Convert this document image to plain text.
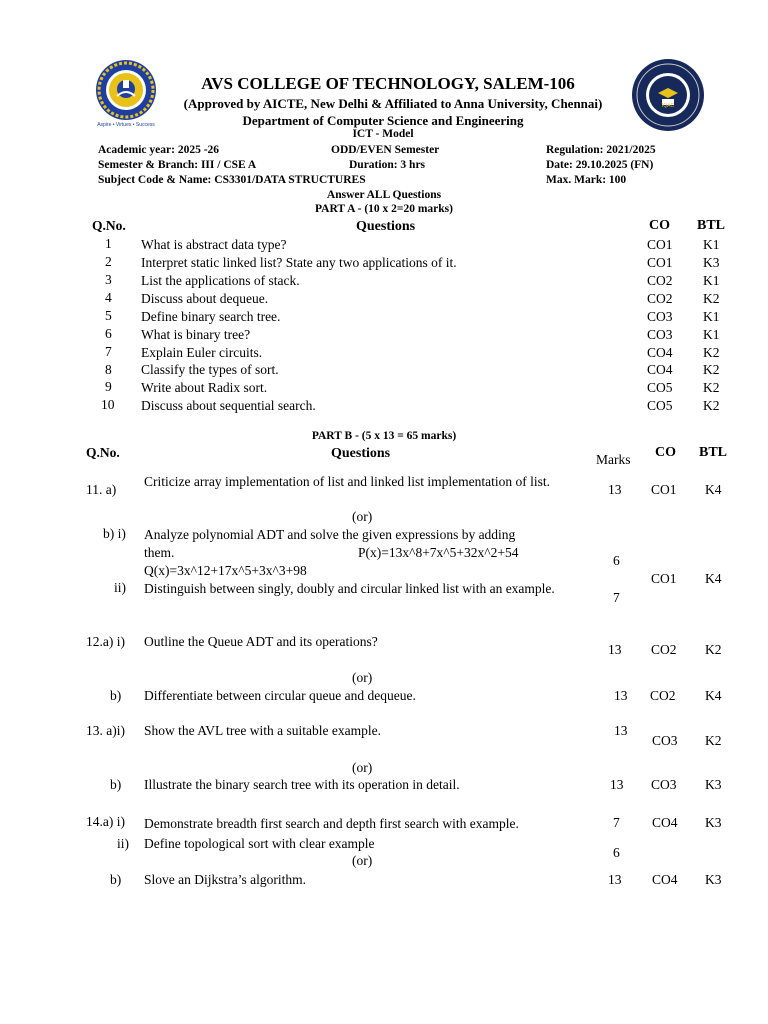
Aspire • Virtues • Success
IQAC
AVS COLLEGE OF TECHNOLOGY, SALEM-106
(Approved by AICTE, New Delhi & Affiliated to Anna University, Chennai)
Department of Computer Science and Engineering
ICT - Model
Academic year: 2025 -26	ODD/EVEN Semester	Regulation: 2021/2025
Semester & Branch: III / CSE A	Duration: 3 hrs	Date: 29.10.2025 (FN)
Subject Code & Name: CS3301/DATA STRUCTURES	Max. Mark: 100
Answer ALL Questions
PART A - (10 x 2=20 marks)
Q.No.	Questions	CO BTL
1 What is abstract data type?	CO1 K1
2 Interpret static linked list? State any two applications of it.	CO1 K3
3 List the applications of stack.	CO2 K1
4 Discuss about dequeue.	CO2 K2
5 Define binary search tree.	CO3 K1
6 What is binary tree?	CO3 K1
7 Explain Euler circuits.	CO4 K2
8 Classify the types of sort.	CO4 K2
9 Write about Radix sort.	CO5 K2
10 Discuss about sequential search.	CO5 K2
PART B - (5 x 13 = 65 marks)
Q.No.	Questions	Marks CO BTL
11. a)
Criticize array implementation of list and linked list implementation of list.
13 CO1 K4
(or)
b) i) Analyze polynomial ADT and solve the given expressions by adding
them.	P(x)=13x^8+7x^5+32x^2+54
Q(x)=3x^12+17x^5+3x^3+98
6
ii) Distinguish between singly, doubly and circular linked list with an example.
7
CO1 K4
12.a) i) Outline the Queue ADT and its operations?
13 CO2 K2
(or)
b) Differentiate between circular queue and dequeue.	13 CO2 K4
13. a)i) Show the AVL tree with a suitable example.	13
CO3 K2
(or)
b) Illustrate the binary search tree with its operation in detail.	13 CO3 K3
14.a) i) Demonstrate breadth first search and depth first search with example.	7 CO4 K3
ii) Define topological sort with clear example
6
(or)
b) Slove an Dijkstra’s algorithm.	13 CO4 K3
